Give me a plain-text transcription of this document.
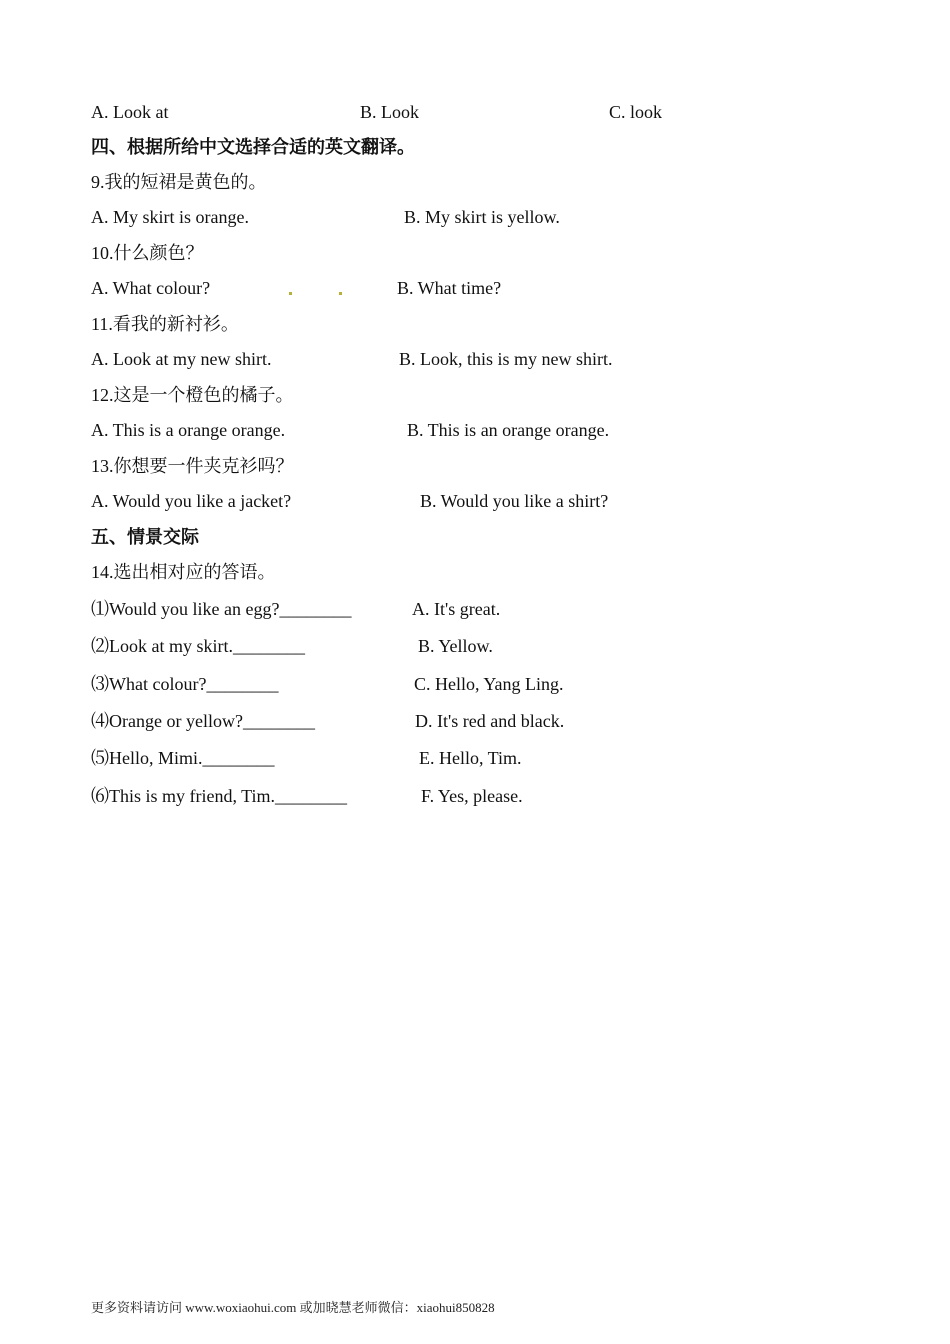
A. Look at	B. Look	C. look
四、根据所给中文选择合适的英文翻译。
9.我的短裙是黄色的。
A. My skirt is orange.	B. My skirt is yellow.
10.什么颜色？
A. What colour?	B. What time?
11.看我的新衬衫。
A. Look at my new shirt.	B. Look, this is my new shirt.
12.这是一个橙色的橘子。
A. This is a orange orange.	B. This is an orange orange.
13.你想要一件夹克衫吗？
A. Would you like a jacket?	B. Would you like a shirt?
五、情景交际
14.选出相对应的答语。
⑴Would you like an egg?________	A. It's great.
⑵Look at my skirt.________	B. Yellow.
⑶What colour?________	C. Hello, Yang Ling.
⑷Orange or yellow?________	D. It's red and black.
⑸Hello, Mimi.________	E. Hello, Tim.
⑹This is my friend, Tim.________	F. Yes, please.
更多资料请访问 www.woxiaohui.com 或加晓慧老师微信：xiaohui850828
